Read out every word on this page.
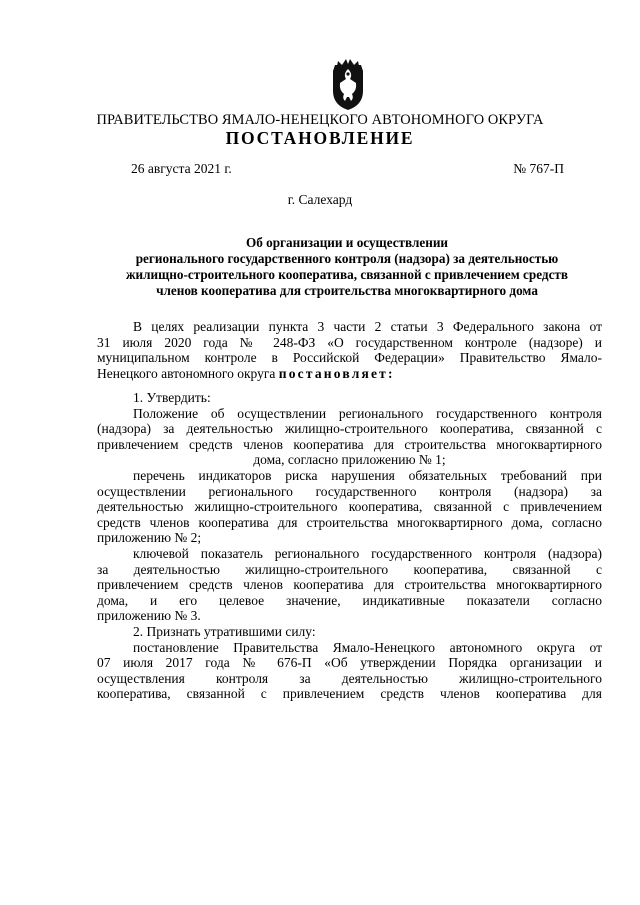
ПРАВИТЕЛЬСТВО ЯМАЛО-НЕНЕЦКОГО АВТОНОМНОГО ОКРУГА
ПОСТАНОВЛЕНИЕ
26 августа 2021 г.	№ 767-П
г. Салехард
Об организации и осуществлении
регионального государственного контроля (надзора) за деятельностью
жилищно-строительного кооператива, связанной с привлечением средств
членов кооператива для строительства многоквартирного дома
В целях реализации пункта 3 части 2 статьи 3 Федерального закона от
31 июля 2020 года № 248-ФЗ «О государственном контроле (надзоре) и
муниципальном контроле в Российской Федерации» Правительство Ямало-
Ненецкого автономного округа постановляет:
1. Утвердить:
Положение об осуществлении регионального государственного контроля
(надзора) за деятельностью жилищно-строительного кооператива, связанной с
привлечением средств членов кооператива для строительства многоквартирного
дома, согласно приложению № 1;
перечень индикаторов риска нарушения обязательных требований при
осуществлении регионального государственного контроля (надзора) за
деятельностью жилищно-строительного кооператива, связанной с привлечением
средств членов кооператива для строительства многоквартирного дома, согласно
приложению № 2;
ключевой показатель регионального государственного контроля (надзора)
за деятельностью жилищно-строительного кооператива, связанной с
привлечением средств членов кооператива для строительства многоквартирного
дома, и его целевое значение, индикативные показатели согласно
приложению № 3.
2. Признать утратившими силу:
постановление Правительства Ямало-Ненецкого автономного округа от
07 июля 2017 года № 676-П «Об утверждении Порядка организации и
осуществления контроля за деятельностью жилищно-строительного
кооператива, связанной с привлечением средств членов кооператива для
